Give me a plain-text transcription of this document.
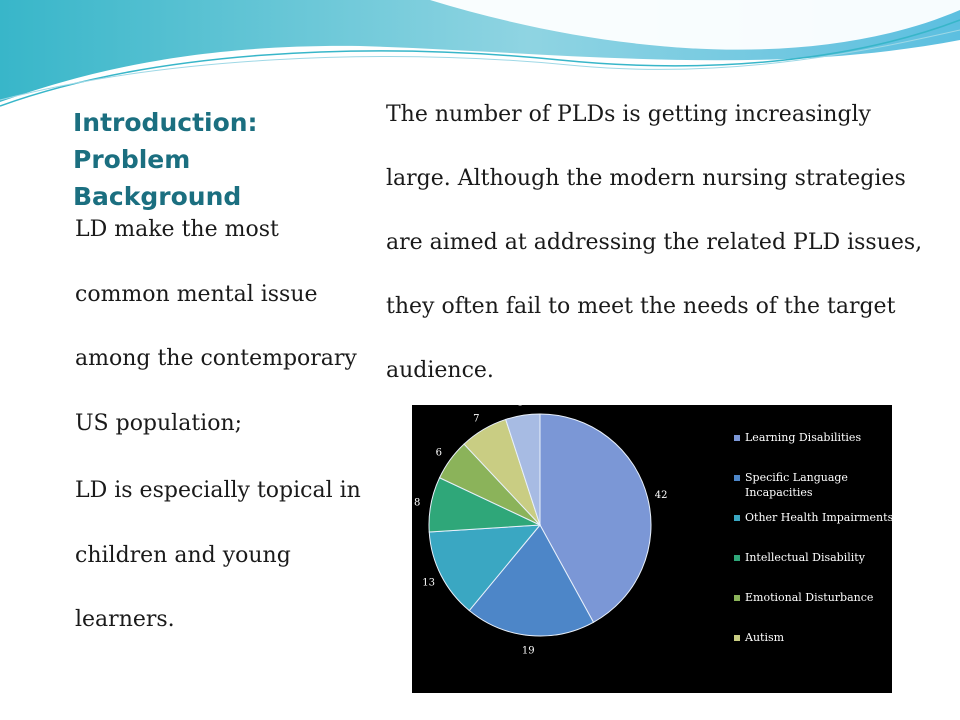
Introduction: Problem
Background

LD make the most common mental issue among the contemporary US population;

LD is especially topical in children and young learners.

The number of PLDs is getting increasingly large. Although the modern nursing strategies are aimed at addressing the related PLD issues, they often fail to meet the needs of the target audience.

42
19
13
8
6
7
5
Learning Disabilities
Specific Language Incapacities
Other Health Impairments
Intellectual Disability
Emotional Disturbance
Autism
